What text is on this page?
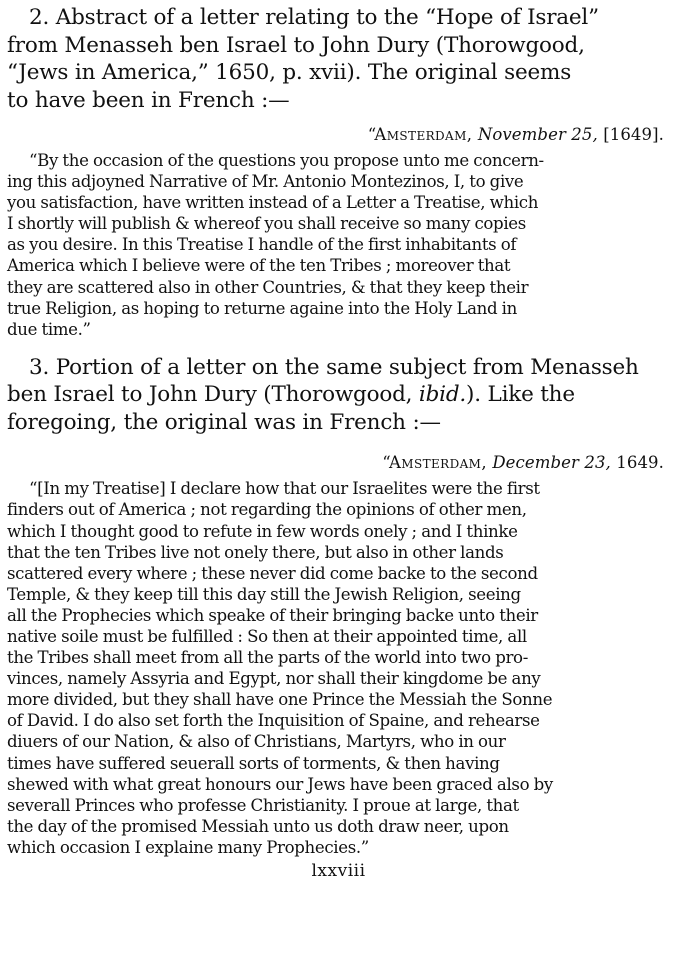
2. Abstract of a letter relating to the “Hope of Israel”
from Menasseh ben Israel to John Dury (Thorowgood,
“Jews in America,” 1650, p. xvii). The original seems
to have been in French :—
“Amsterdam, November 25, [1649].
“By the occasion of the questions you propose unto me concern-
ing this adjoyned Narrative of Mr. Antonio Montezinos, I, to give
you satisfaction, have written instead of a Letter a Treatise, which
I shortly will publish & whereof you shall receive so many copies
as you desire. In this Treatise I handle of the first inhabitants of
America which I believe were of the ten Tribes ; moreover that
they are scattered also in other Countries, & that they keep their
true Religion, as hoping to returne againe into the Holy Land in
due time.”
3. Portion of a letter on the same subject from Menasseh
ben Israel to John Dury (Thorowgood, ibid.). Like the
foregoing, the original was in French :—
“Amsterdam, December 23, 1649.
“[In my Treatise] I declare how that our Israelites were the first
finders out of America ; not regarding the opinions of other men,
which I thought good to refute in few words onely ; and I thinke
that the ten Tribes live not onely there, but also in other lands
scattered every where ; these never did come backe to the second
Temple, & they keep till this day still the Jewish Religion, seeing
all the Prophecies which speake of their bringing backe unto their
native soile must be fulfilled : So then at their appointed time, all
the Tribes shall meet from all the parts of the world into two pro-
vinces, namely Assyria and Egypt, nor shall their kingdome be any
more divided, but they shall have one Prince the Messiah the Sonne
of David. I do also set forth the Inquisition of Spaine, and rehearse
diuers of our Nation, & also of Christians, Martyrs, who in our
times have suffered seuerall sorts of torments, & then having
shewed with what great honours our Jews have been graced also by
severall Princes who professe Christianity. I proue at large, that
the day of the promised Messiah unto us doth draw neer, upon
which occasion I explaine many Prophecies.”
lxxviii
